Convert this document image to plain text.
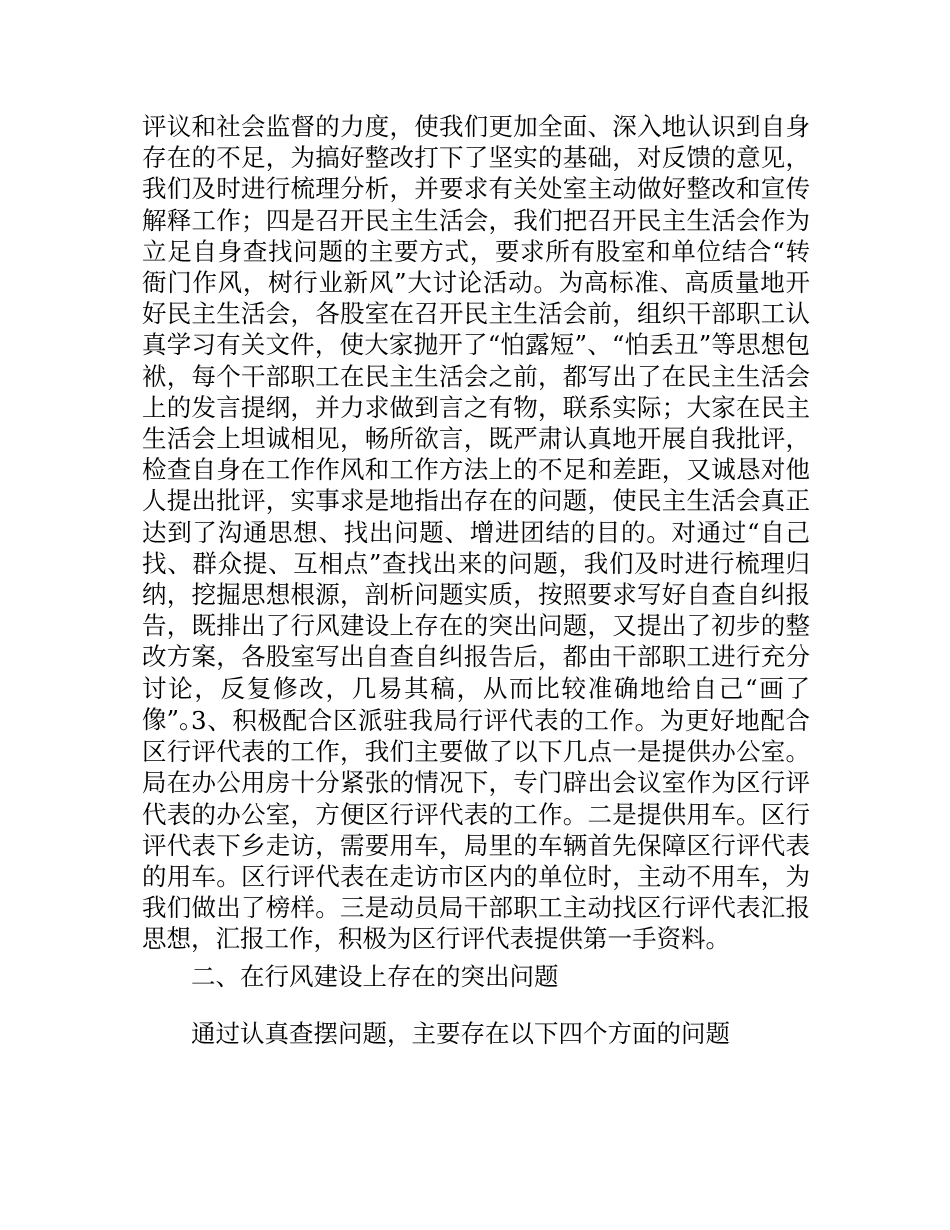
评议和社会监督的力度，使我们更加全面、深入地认识到自身存在的不足，为搞好整改打下了坚实的基础，对反馈的意见，我们及时进行梳理分析，并要求有关处室主动做好整改和宣传解释工作；四是召开民主生活会，我们把召开民主生活会作为立足自身查找问题的主要方式，要求所有股室和单位结合“转衙门作风，树行业新风”大讨论活动。为高标准、高质量地开好民主生活会，各股室在召开民主生活会前，组织干部职工认真学习有关文件，使大家抛开了“怕露短”、“怕丢丑”等思想包袱，每个干部职工在民主生活会之前，都写出了在民主生活会上的发言提纲，并力求做到言之有物，联系实际；大家在民主生活会上坦诚相见，畅所欲言，既严肃认真地开展自我批评，检查自身在工作作风和工作方法上的不足和差距，又诚恳对他人提出批评，实事求是地指出存在的问题，使民主生活会真正达到了沟通思想、找出问题、增进团结的目的。对通过“自己找、群众提、互相点”查找出来的问题，我们及时进行梳理归纳，挖掘思想根源，剖析问题实质，按照要求写好自查自纠报告，既排出了行风建设上存在的突出问题，又提出了初步的整改方案，各股室写出自查自纠报告后，都由干部职工进行充分讨论，反复修改，几易其稿，从而比较准确地给自己“画了像”。

3、积极配合区派驻我局行评代表的工作。为更好地配合区行评代表的工作，我们主要做了以下几点一是提供办公室。局在办公用房十分紧张的情况下，专门辟出会议室作为区行评代表的办公室，方便区行评代表的工作。二是提供用车。区行评代表下乡走访，需要用车，局里的车辆首先保障区行评代表的用车。区行评代表在走访市区内的单位时，主动不用车，为我们做出了榜样。三是动员局干部职工主动找区行评代表汇报思想，汇报工作，积极为区行评代表提供第一手资料。

二、在行风建设上存在的突出问题

通过认真查摆问题，主要存在以下四个方面的问题
